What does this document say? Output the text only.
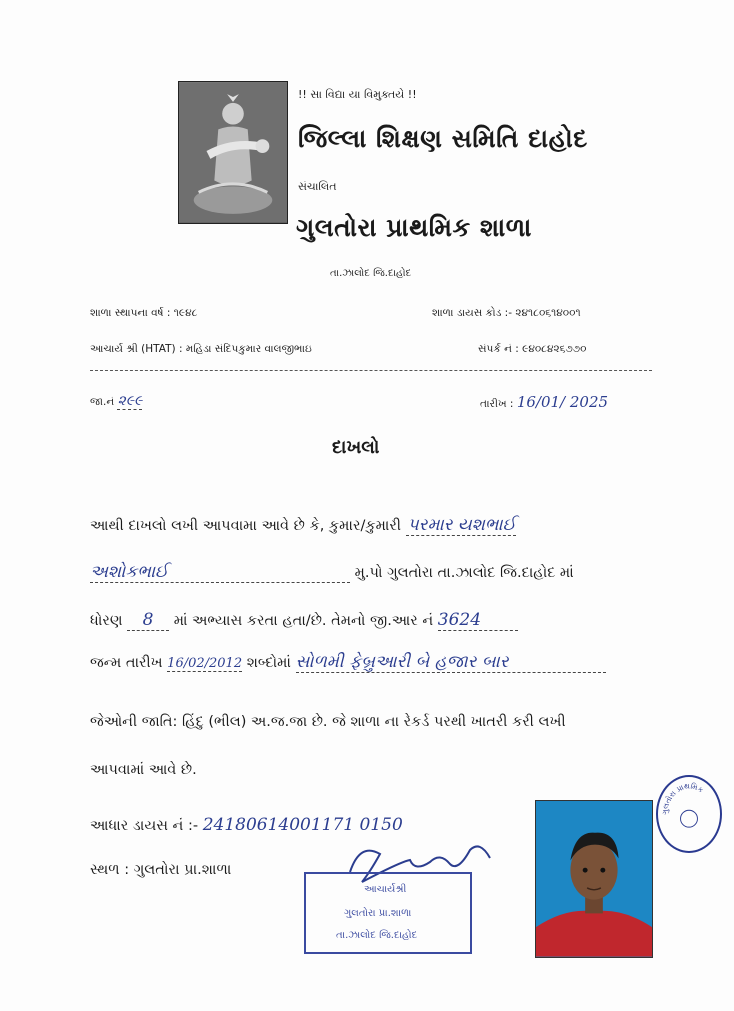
!! સા વિદ્યા યા વિમુક્તયે !!
જિલ્લા શિક્ષણ સમિતિ દાહોદ
સંચાલિત
ગુલતોરા પ્રાથમિક શાળા
તા.ઝાલોદ જિ.દાહોદ
શાળા સ્થાપના વર્ષ : ૧૯૪૮	શાળા ડાયસ કોડ :- ૨૪૧૮૦૬૧૪૦૦૧
આચાર્ય શ્રી (HTAT) : મહિડા સંદિપકુમાર વાલજીભાઇ	સંપર્ક નં : ૯૪૦૮૪૨૬૭૭૦
જા.નં ૨૯૯	તારીખ : 16/01/ 2025
દાખલો
આથી દાખલો લખી આપવામા આવે છે કે, કુમાર/કુમારી પરમાર યશભાઈ
અશોકભાઈ	મુ.પો ગુલતોરા તા.ઝાલોદ જિ.દાહોદ માં
ધોરણ 8 માં અભ્યાસ કરતા હતા/છે. તેમનો જી.આર નં 3624
જન્મ તારીખ 16/02/2012 શબ્દોમાં સોળમી ફેબ્રુઆરી બે હજાર બાર
જેઓની જાતિ: હિંદુ (ભીલ) અ.જ.જા છે. જે શાળા ના રેકર્ડ પરથી ખાતરી કરી લખી
આપવામાં આવે છે.
આધાર ડાયસ નં :- 24180614001171 0150
સ્થળ : ગુલતોરા પ્રા.શાળા
આચાર્યશ્રી
ગુલતોરા પ્રા.શાળા
તા.ઝાલોદ જિ.દાહોદ
ગુલતોરા પ્રાથમિક
